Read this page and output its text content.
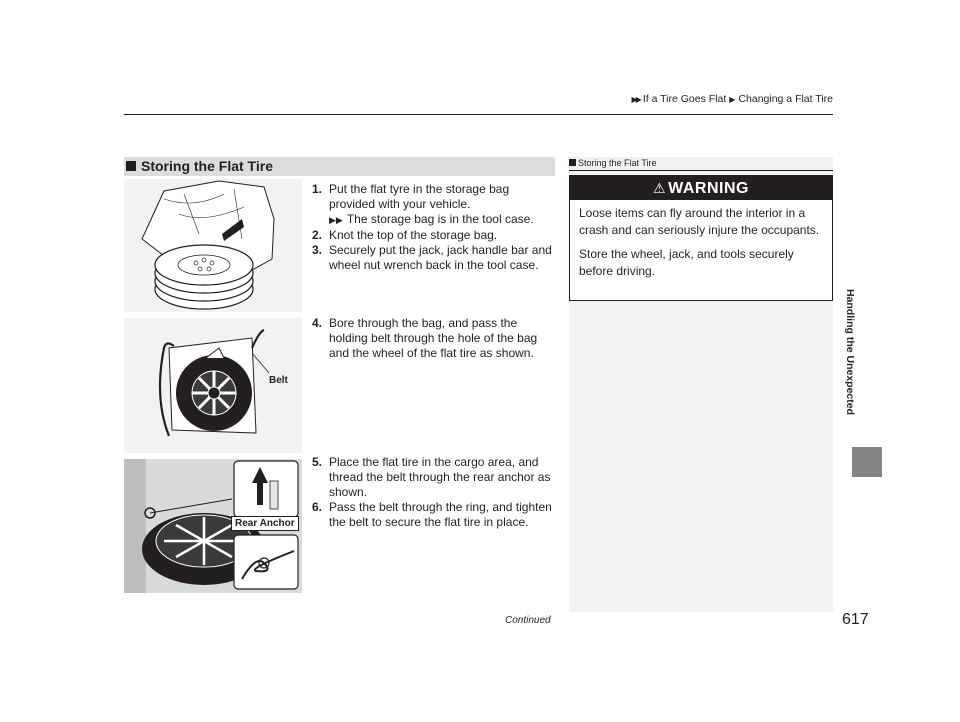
▶▶ If a Tire Goes Flat ▶ Changing a Flat Tire
Handling the Unexpected
Storing the Flat Tire
Belt
Rear Anchor
1. Put the flat tyre in the storage bag provided with your vehicle.
▶▶ The storage bag is in the tool case.
2. Knot the top of the storage bag.
3. Securely put the jack, jack handle bar and wheel nut wrench back in the tool case.
4. Bore through the bag, and pass the holding belt through the hole of the bag and the wheel of the flat tire as shown.
5. Place the flat tire in the cargo area, and thread the belt through the rear anchor as shown.
6. Pass the belt through the ring, and tighten the belt to secure the flat tire in place.
Storing the Flat Tire
⚠ WARNING

Loose items can fly around the interior in a crash and can seriously injure the occupants.

Store the wheel, jack, and tools securely before driving.

Continued	617
